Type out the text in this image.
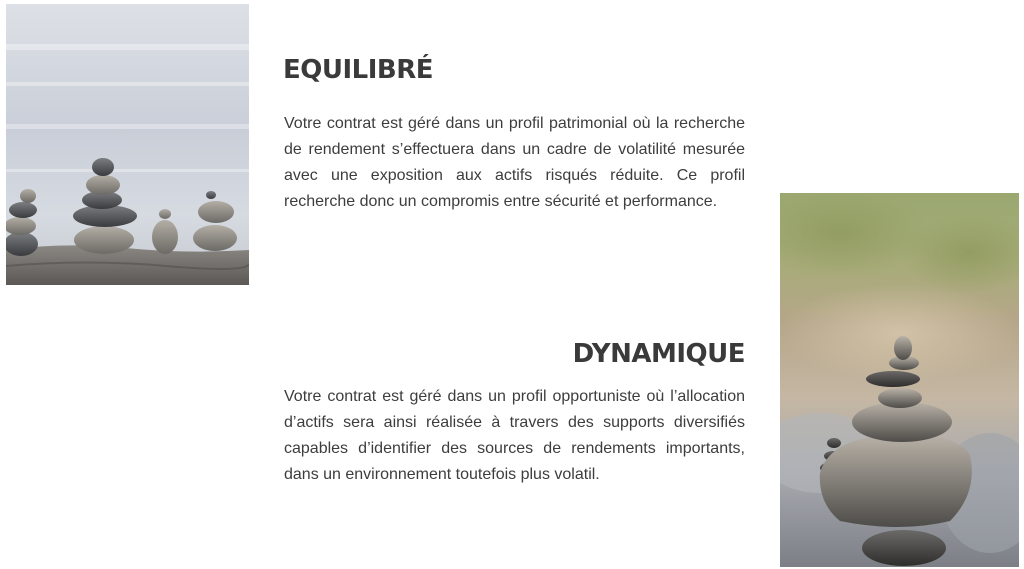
EQUILIBRÉ

Votre contrat est géré dans un profil patrimonial où la recherche de rendement s’effectuera dans un cadre de volatilité mesurée avec une exposition aux actifs risqués réduite. Ce profil recherche donc un compromis entre sécurité et performance.

DYNAMIQUE

Votre contrat est géré dans un profil opportuniste où l’allocation d’actifs sera ainsi réalisée à travers des supports diversifiés capables d’identifier des sources de rendements importants, dans un environnement toutefois plus volatil.
